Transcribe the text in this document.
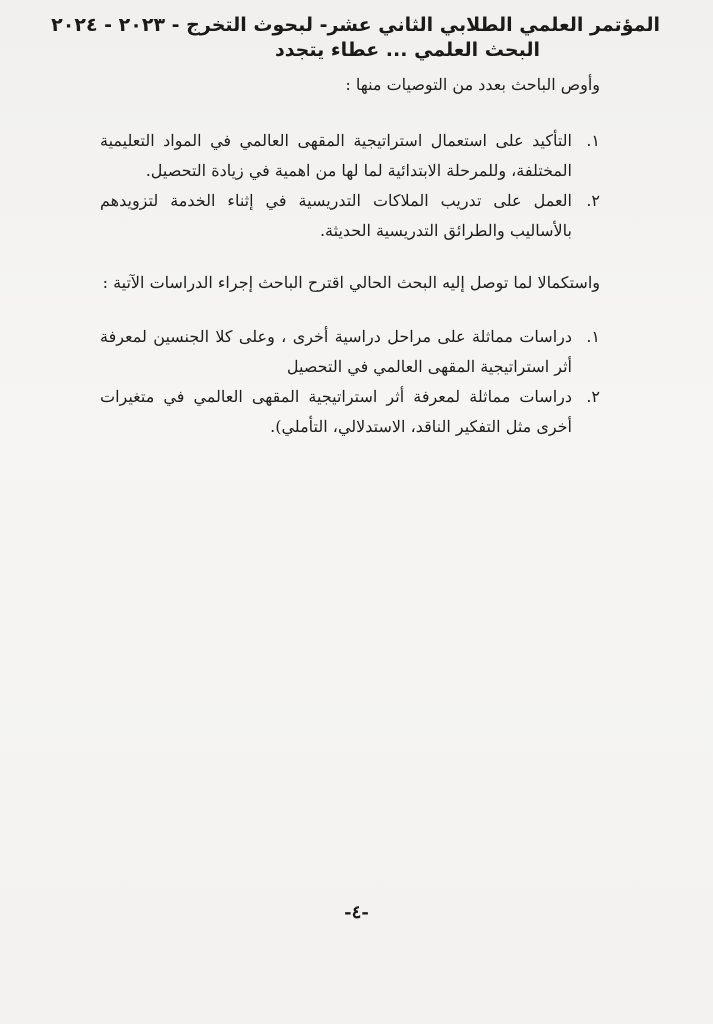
المؤتمر العلمي الطلابي الثاني عشر- لبحوث التخرج - ٢٠٢٣ - ٢٠٢٤
البحث العلمي ... عطاء يتجدد

وأوص الباحث بعدد من التوصيات منها :

١.
التأكيد على استعمال استراتيجية المقهى العالمي في المواد التعليمية المختلفة، وللمرحلة الابتدائية لما لها من اهمية في زيادة التحصيل.
٢.
العمل على تدريب الملاكات التدريسية في إثناء الخدمة لتزويدهم بالأساليب والطرائق التدريسية الحديثة.

واستكمالا لما توصل إليه البحث الحالي اقترح الباحث إجراء الدراسات الآتية :

١.
دراسات مماثلة على مراحل دراسية أخرى ، وعلى كلا الجنسين لمعرفة أثر استراتيجية المقهى العالمي في التحصيل
٢.
دراسات مماثلة لمعرفة أثر استراتيجية المقهى العالمي في متغيرات أخرى مثل التفكير الناقد، الاستدلالي، التأملي).
-٤-
